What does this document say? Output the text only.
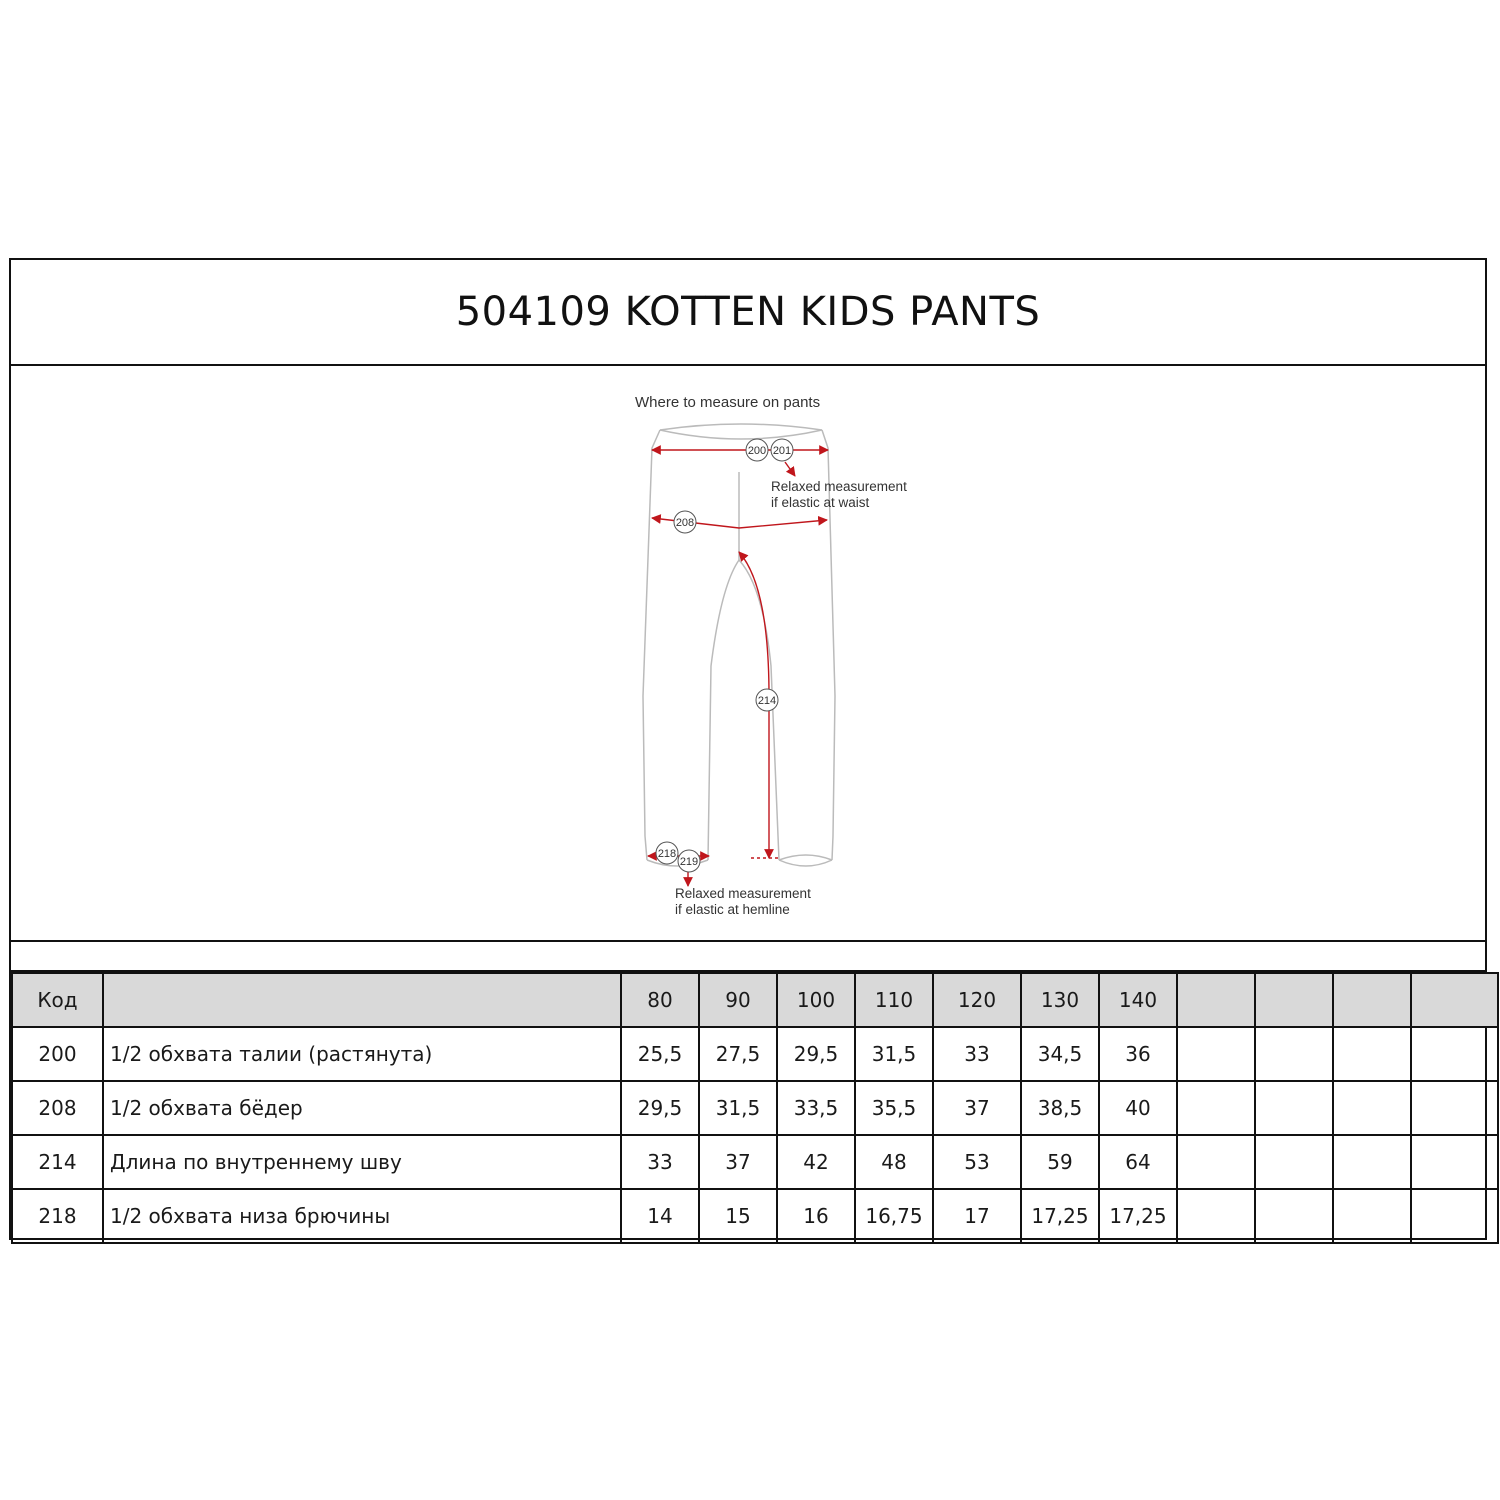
504109 KOTTEN KIDS PANTS
Where to measure on pants
200 201
208
214
218
219
Relaxed measurement
if elastic at waist
Relaxed measurement
if elastic at hemline
Код		80	90	100	110	120	130	140				
200	1/2 обхвата талии (растянута)	25,5	27,5	29,5	31,5	33	34,5	36				
208	1/2 обхвата бёдер	29,5	31,5	33,5	35,5	37	38,5	40				
214	Длина по внутреннему шву	33	37	42	48	53	59	64				
218	1/2 обхвата низа брючины	14	15	16	16,75	17	17,25	17,25				
